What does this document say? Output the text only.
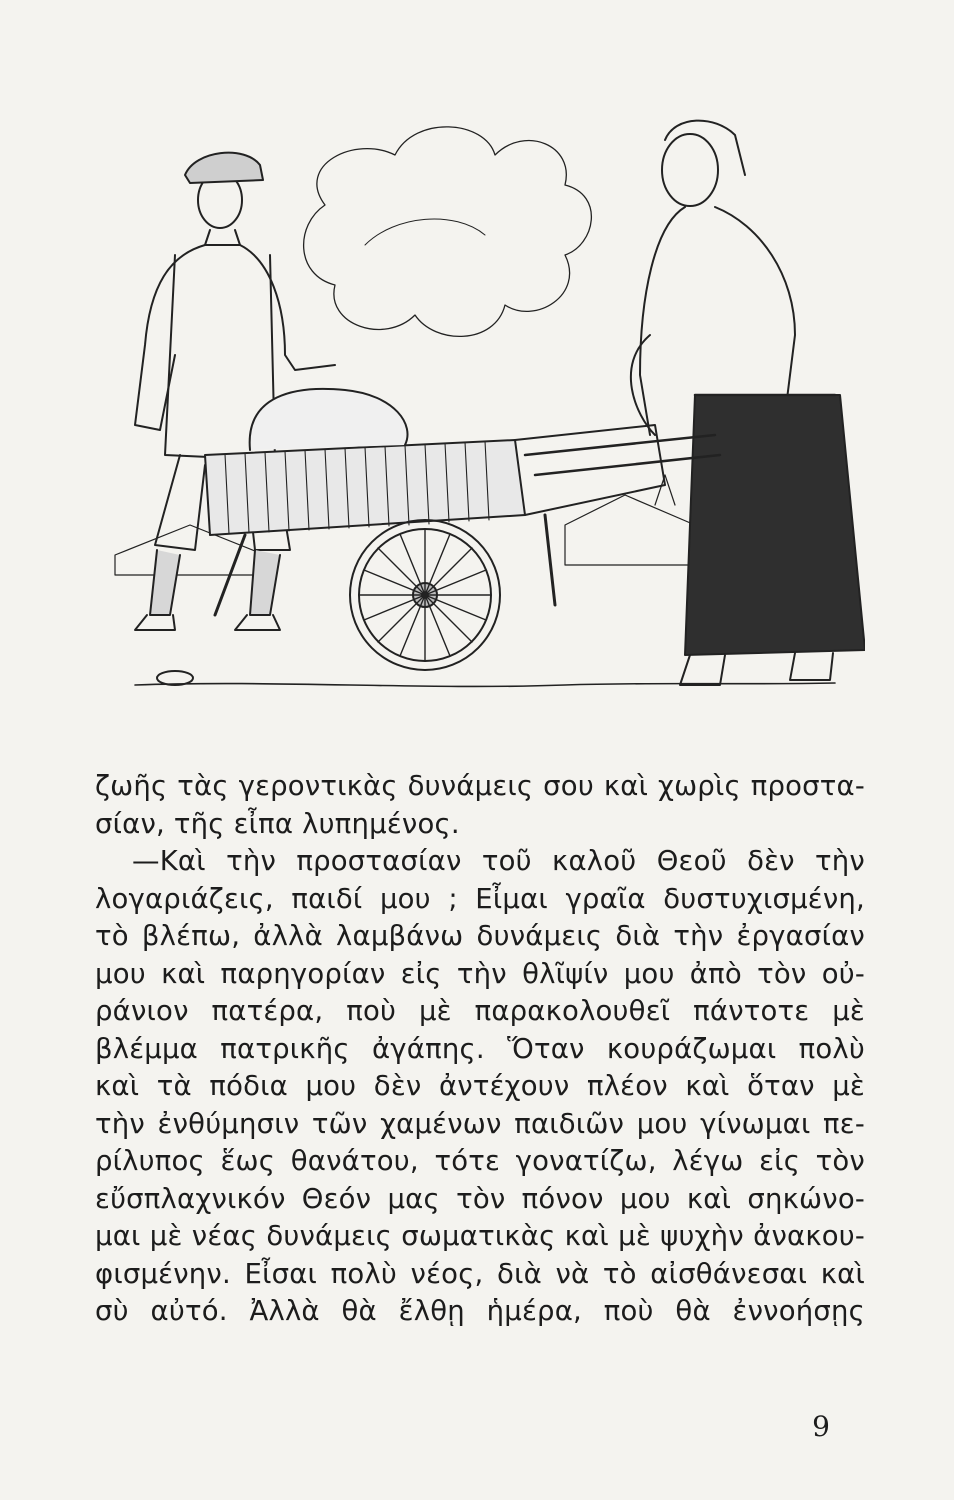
ζωῆς τὰς γεροντικὰς δυνάμεις σου καὶ χωρὶς προστα-
σίαν, τῆς εἶπα λυπημένος.
—Καὶ τὴν προστασίαν τοῦ καλοῦ Θεοῦ δὲν τὴν
λογαριάζεις, παιδί μου ; Εἶμαι γραῖα δυστυχισμένη,
τὸ βλέπω, ἀλλὰ λαμβάνω δυνάμεις διὰ τὴν ἐργασίαν
μου καὶ παρηγορίαν εἰς τὴν θλῖψίν μου ἀπὸ τὸν οὐ-
ράνιον πατέρα, ποὺ μὲ παρακολουθεῖ πάντοτε μὲ
βλέμμα πατρικῆς ἀγάπης. Ὅταν κουράζωμαι πολὺ
καὶ τὰ πόδια μου δὲν ἀντέχουν πλέον καὶ ὅταν μὲ
τὴν ἐνθύμησιν τῶν χαμένων παιδιῶν μου γίνωμαι πε-
ρίλυπος ἕως θανάτου, τότε γονατίζω, λέγω εἰς τὸν
εὔσπλαχνικόν Θεόν μας τὸν πόνον μου καὶ σηκώνο-
μαι μὲ νέας δυνάμεις σωματικὰς καὶ μὲ ψυχὴν ἀνακου-
φισμένην. Εἶσαι πολὺ νέος, διὰ νὰ τὸ αἰσθάνεσαι καὶ
σὺ αὐτό. Ἀλλὰ θὰ ἔλθῃ ἡμέρα, ποὺ θὰ ἐννοήσῃς
9
